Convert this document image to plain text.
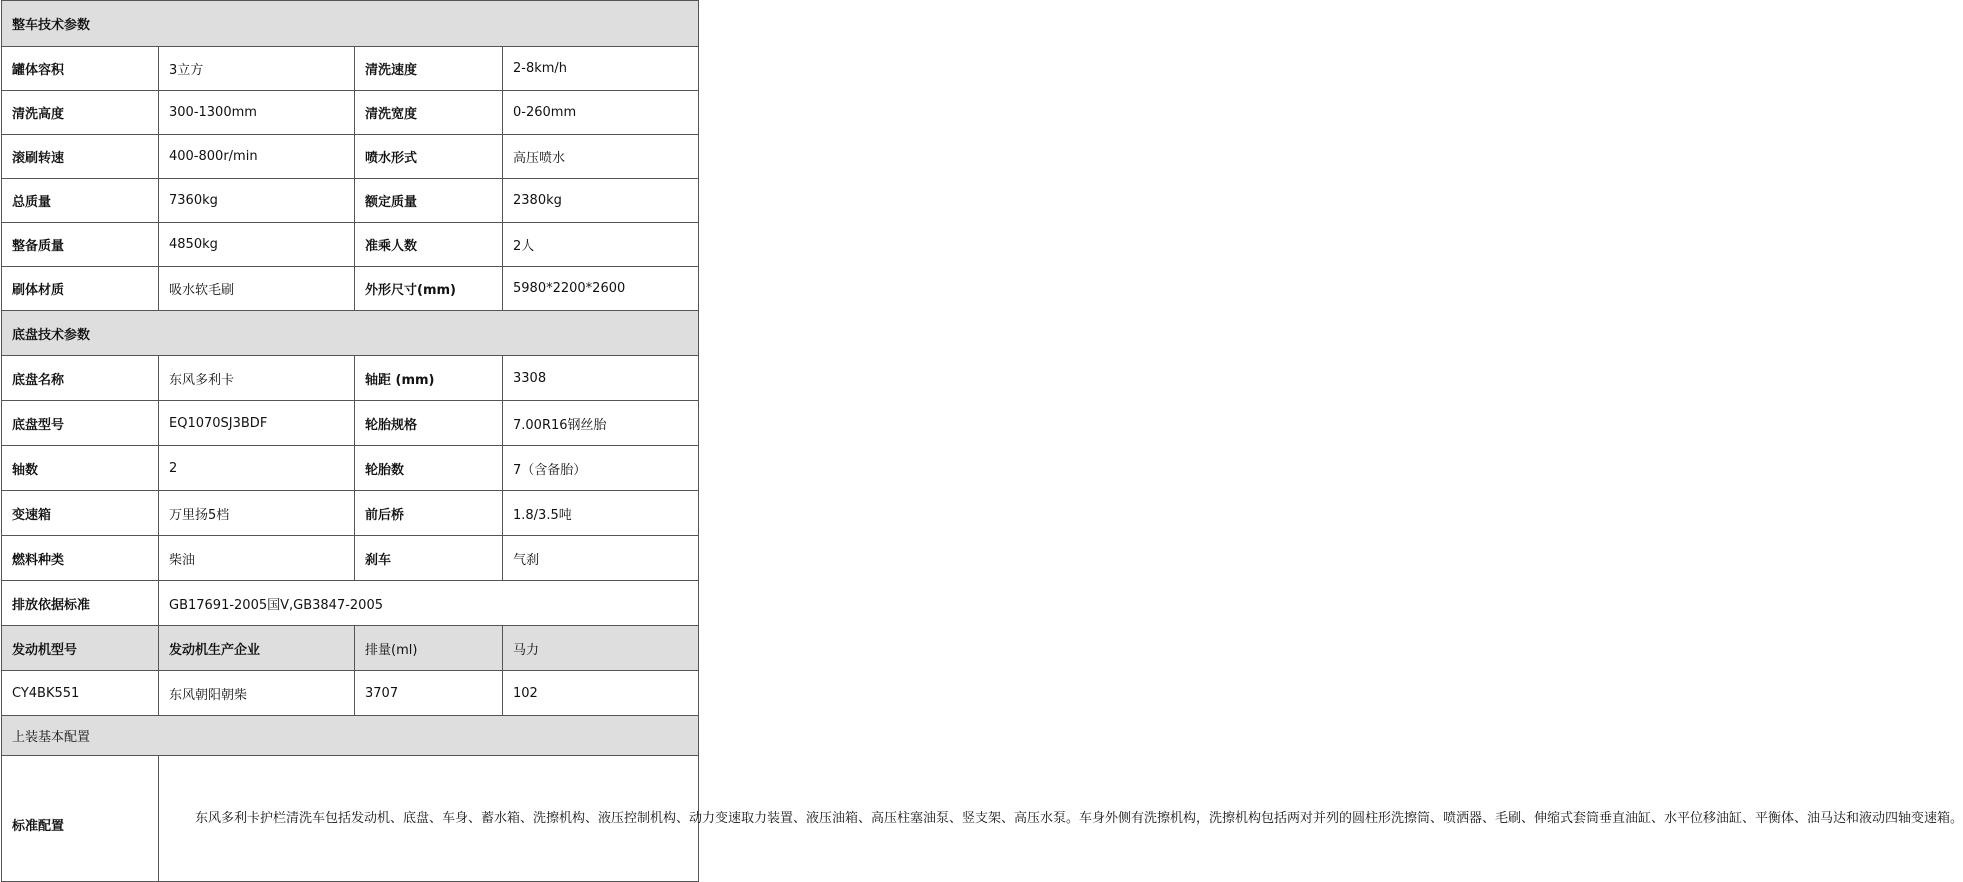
整车技术参数			
罐体容积	3立方	清洗速度	2-8km/h
清洗高度	300-1300mm	清洗宽度	0-260mm
滚刷转速	400-800r/min	喷水形式	高压喷水
总质量	7360kg	额定质量	2380kg
整备质量	4850kg	准乘人数	2人
刷体材质	吸水软毛刷	外形尺寸(mm)	5980*2200*2600
底盘技术参数			
底盘名称	东风多利卡	轴距 (mm)	3308
底盘型号	EQ1070SJ3BDF	轮胎规格	7.00R16钢丝胎
轴数	2	轮胎数	7（含备胎）
变速箱	万里扬5档	前后桥	1.8/3.5吨
燃料种类	柴油	刹车	气刹
排放依据标准	GB17691-2005国Ⅴ,GB3847-2005		
发动机型号	发动机生产企业	排量(ml)	马力
CY4BK551	东风朝阳朝柴	3707	102
上装基本配置			
标准配置	东风多利卡护栏清洗车包括发动机、底盘、车身、蓄水箱、洗擦机构、液压控制机构、动力变速取力装置、液压油箱、高压柱塞油泵、竖支架、高压水泵。车身外侧有洗擦机构，洗擦机构包括两对并列的圆柱形洗擦筒、喷洒器、毛刷、伸缩式套筒垂直油缸、水平位移油缸、平衡体、油马达和液动四轴变速箱。		
